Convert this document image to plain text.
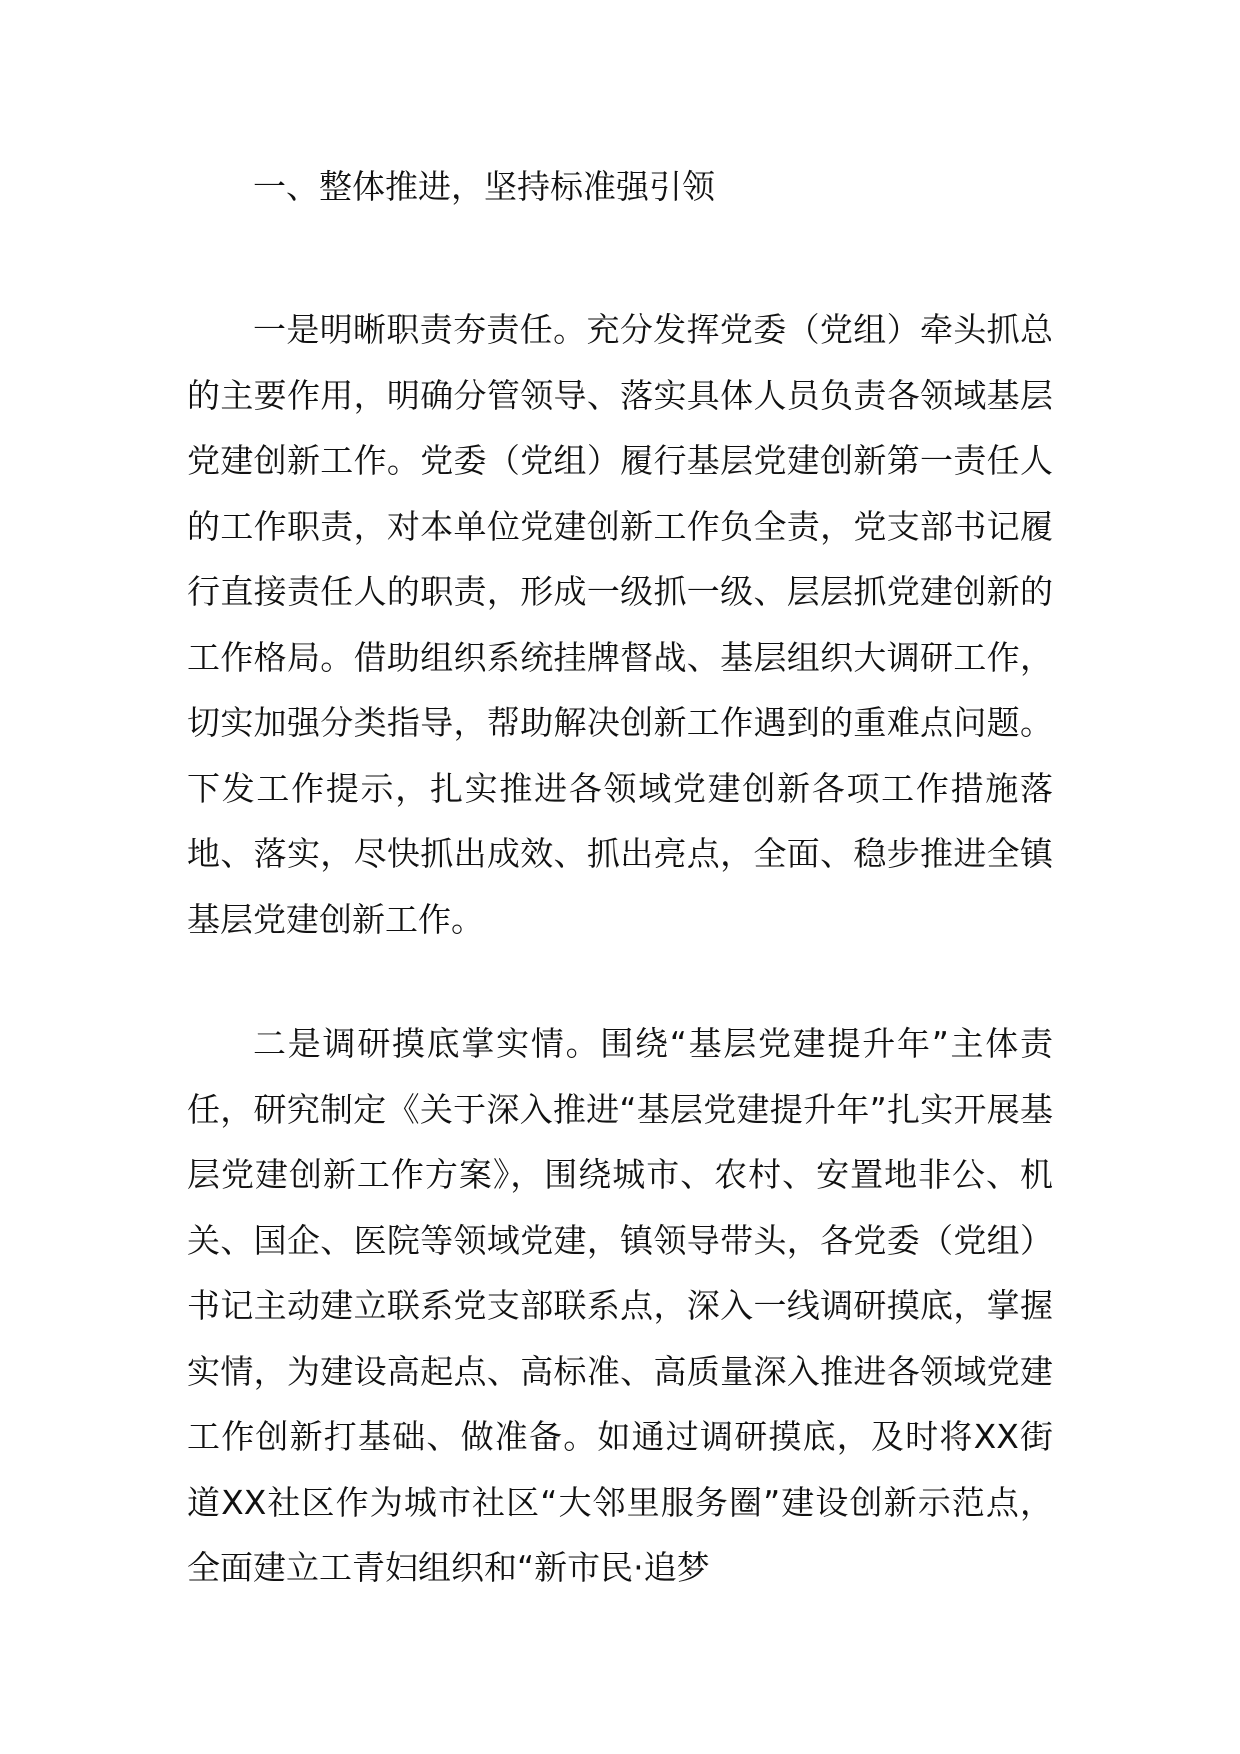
一、整体推进，坚持标准强引领
一是明晰职责夯责任。充分发挥党委（党组）牵头抓总的主要作用，明确分管领导、落实具体人员负责各领域基层党建创新工作。党委（党组）履行基层党建创新第一责任人的工作职责，对本单位党建创新工作负全责，党支部书记履行直接责任人的职责，形成一级抓一级、层层抓党建创新的工作格局。借助组织系统挂牌督战、基层组织大调研工作，切实加强分类指导，帮助解决创新工作遇到的重难点问题。下发工作提示，扎实推进各领域党建创新各项工作措施落地、落实，尽快抓出成效、抓出亮点，全面、稳步推进全镇基层党建创新工作。
二是调研摸底掌实情。围绕“基层党建提升年”主体责任，研究制定《关于深入推进“基层党建提升年”扎实开展基层党建创新工作方案》，围绕城市、农村、安置地非公、机关、国企、医院等领域党建，镇领导带头，各党委（党组）书记主动建立联系党支部联系点，深入一线调研摸底，掌握实情，为建设高起点、高标准、高质量深入推进各领域党建工作创新打基础、做准备。如通过调研摸底，及时将XX街道XX社区作为城市社区“大邻里服务圈”建设创新示范点，全面建立工青妇组织和“新市民·追梦
